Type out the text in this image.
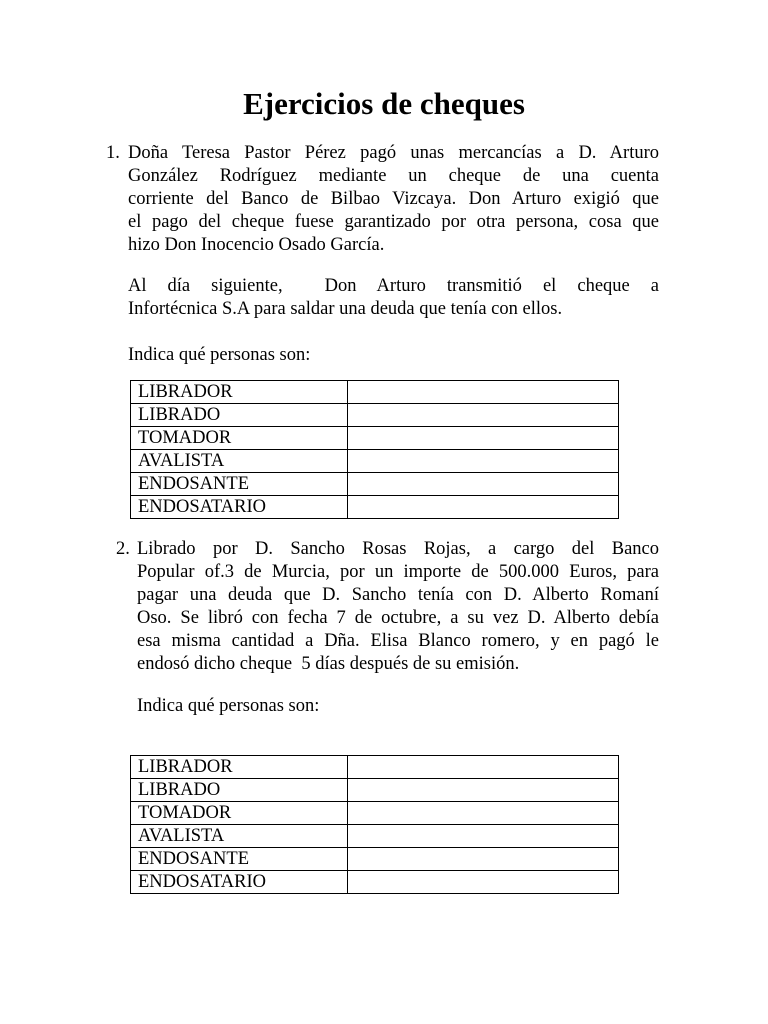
Ejercicios de cheques
1. Doña Teresa Pastor Pérez pagó unas mercancías a D. Arturo
González Rodríguez mediante un cheque de una cuenta
corriente del Banco de Bilbao Vizcaya. Don Arturo exigió que
el pago del cheque fuese garantizado por otra persona, cosa que
hizo Don Inocencio Osado García.
Al día siguiente,  Don Arturo transmitió el cheque a
Infortécnica S.A para saldar una deuda que tenía con ellos.

Indica qué personas son:

LIBRADOR	
LIBRADO	
TOMADOR	
AVALISTA	
ENDOSANTE	
ENDOSATARIO	
2. Librado por D. Sancho Rosas Rojas, a cargo del Banco
Popular of.3 de Murcia, por un importe de 500.000 Euros, para
pagar una deuda que D. Sancho tenía con D. Alberto Romaní
Oso. Se libró con fecha 7 de octubre, a su vez D. Alberto debía
esa misma cantidad a Dña. Elisa Blanco romero, y en pagó le
endosó dicho cheque  5 días después de su emisión.

Indica qué personas son:

LIBRADOR	
LIBRADO	
TOMADOR	
AVALISTA	
ENDOSANTE	
ENDOSATARIO	
